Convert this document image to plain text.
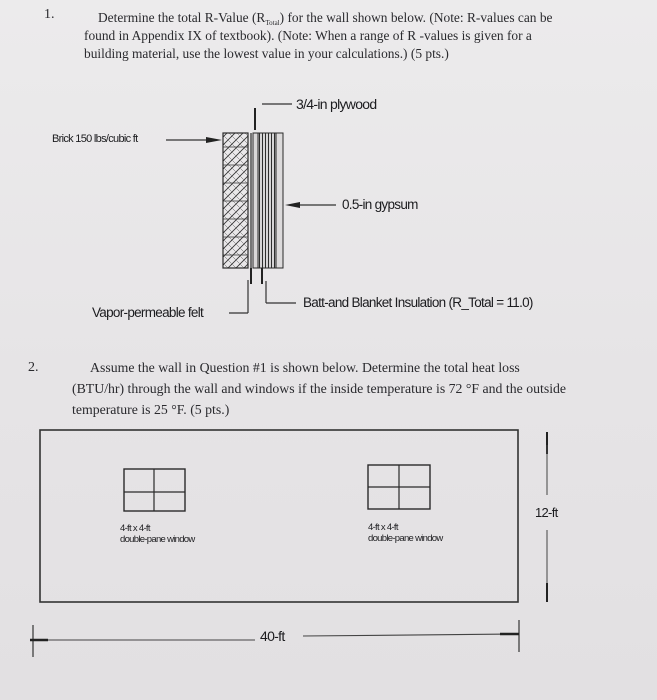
1.	Determine the total R-Value $(R_{Total})$ for the wall shown below. (Note: R-values can be
found in Appendix IX of textbook). (Note: When a range of R -values is given for a
building material, use the lowest value in your calculations.) (5 pts.)
3/4-in plywood
Brick 150 lbs/cubic ft
0.5-in gypsum
Vapor-permeable felt
Batt-and Blanket Insulation (R_Total = 11.0)
2.	Assume the wall in Question #1 is shown below. Determine the total heat loss
(BTU/hr) through the wall and windows if the inside temperature is 72 °F and the outside
temperature is 25 °F. (5 pts.)
4-ft x 4-ft
double-pane window
4-ft x 4-ft
double-pane window
12-ft
40-ft
